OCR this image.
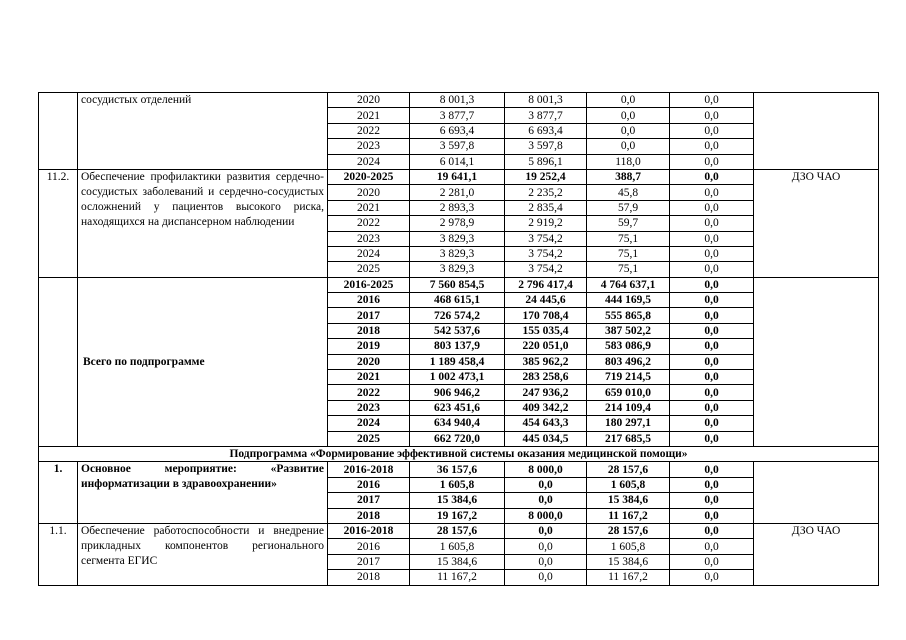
	сосудистых отделений	2020	8 001,3	8 001,3	0,0	0,0	
		2021	3 877,7	3 877,7	0,0	0,0	
		2022	6 693,4	6 693,4	0,0	0,0	
		2023	3 597,8	3 597,8	0,0	0,0	
		2024	6 014,1	5 896,1	118,0	0,0	
11.2.	Обеспечение профилактики развития сердечно-сосудистых заболеваний и сердечно-сосудистых осложнений у пациентов высокого риска, находящихся на диспансерном наблюдении	2020-2025	19 641,1	19 252,4	388,7	0,0	ДЗО ЧАО
		2020	2 281,0	2 235,2	45,8	0,0	
		2021	2 893,3	2 835,4	57,9	0,0	
		2022	2 978,9	2 919,2	59,7	0,0	
		2023	3 829,3	3 754,2	75,1	0,0	
		2024	3 829,3	3 754,2	75,1	0,0	
		2025	3 829,3	3 754,2	75,1	0,0	
	Всего по подпрограмме	2016-2025	7 560 854,5	2 796 417,4	4 764 637,1	0,0	
		2016	468 615,1	24 445,6	444 169,5	0,0	
		2017	726 574,2	170 708,4	555 865,8	0,0	
		2018	542 537,6	155 035,4	387 502,2	0,0	
		2019	803 137,9	220 051,0	583 086,9	0,0	
		2020	1 189 458,4	385 962,2	803 496,2	0,0	
		2021	1 002 473,1	283 258,6	719 214,5	0,0	
		2022	906 946,2	247 936,2	659 010,0	0,0	
		2023	623 451,6	409 342,2	214 109,4	0,0	
		2024	634 940,4	454 643,3	180 297,1	0,0	
		2025	662 720,0	445 034,5	217 685,5	0,0	
Подпрограмма «Формирование эффективной системы оказания медицинской помощи»							
1.	Основное мероприятие: «Развитие информатизации в здравоохранении»	2016-2018	36 157,6	8 000,0	28 157,6	0,0	
		2016	1 605,8	0,0	1 605,8	0,0	
		2017	15 384,6	0,0	15 384,6	0,0	
		2018	19 167,2	8 000,0	11 167,2	0,0	
1.1.	Обеспечение работоспособности и внедрение прикладных компонентов регионального сегмента ЕГИС	2016-2018	28 157,6	0,0	28 157,6	0,0	ДЗО ЧАО
		2016	1 605,8	0,0	1 605,8	0,0	
		2017	15 384,6	0,0	15 384,6	0,0	
		2018	11 167,2	0,0	11 167,2	0,0	
